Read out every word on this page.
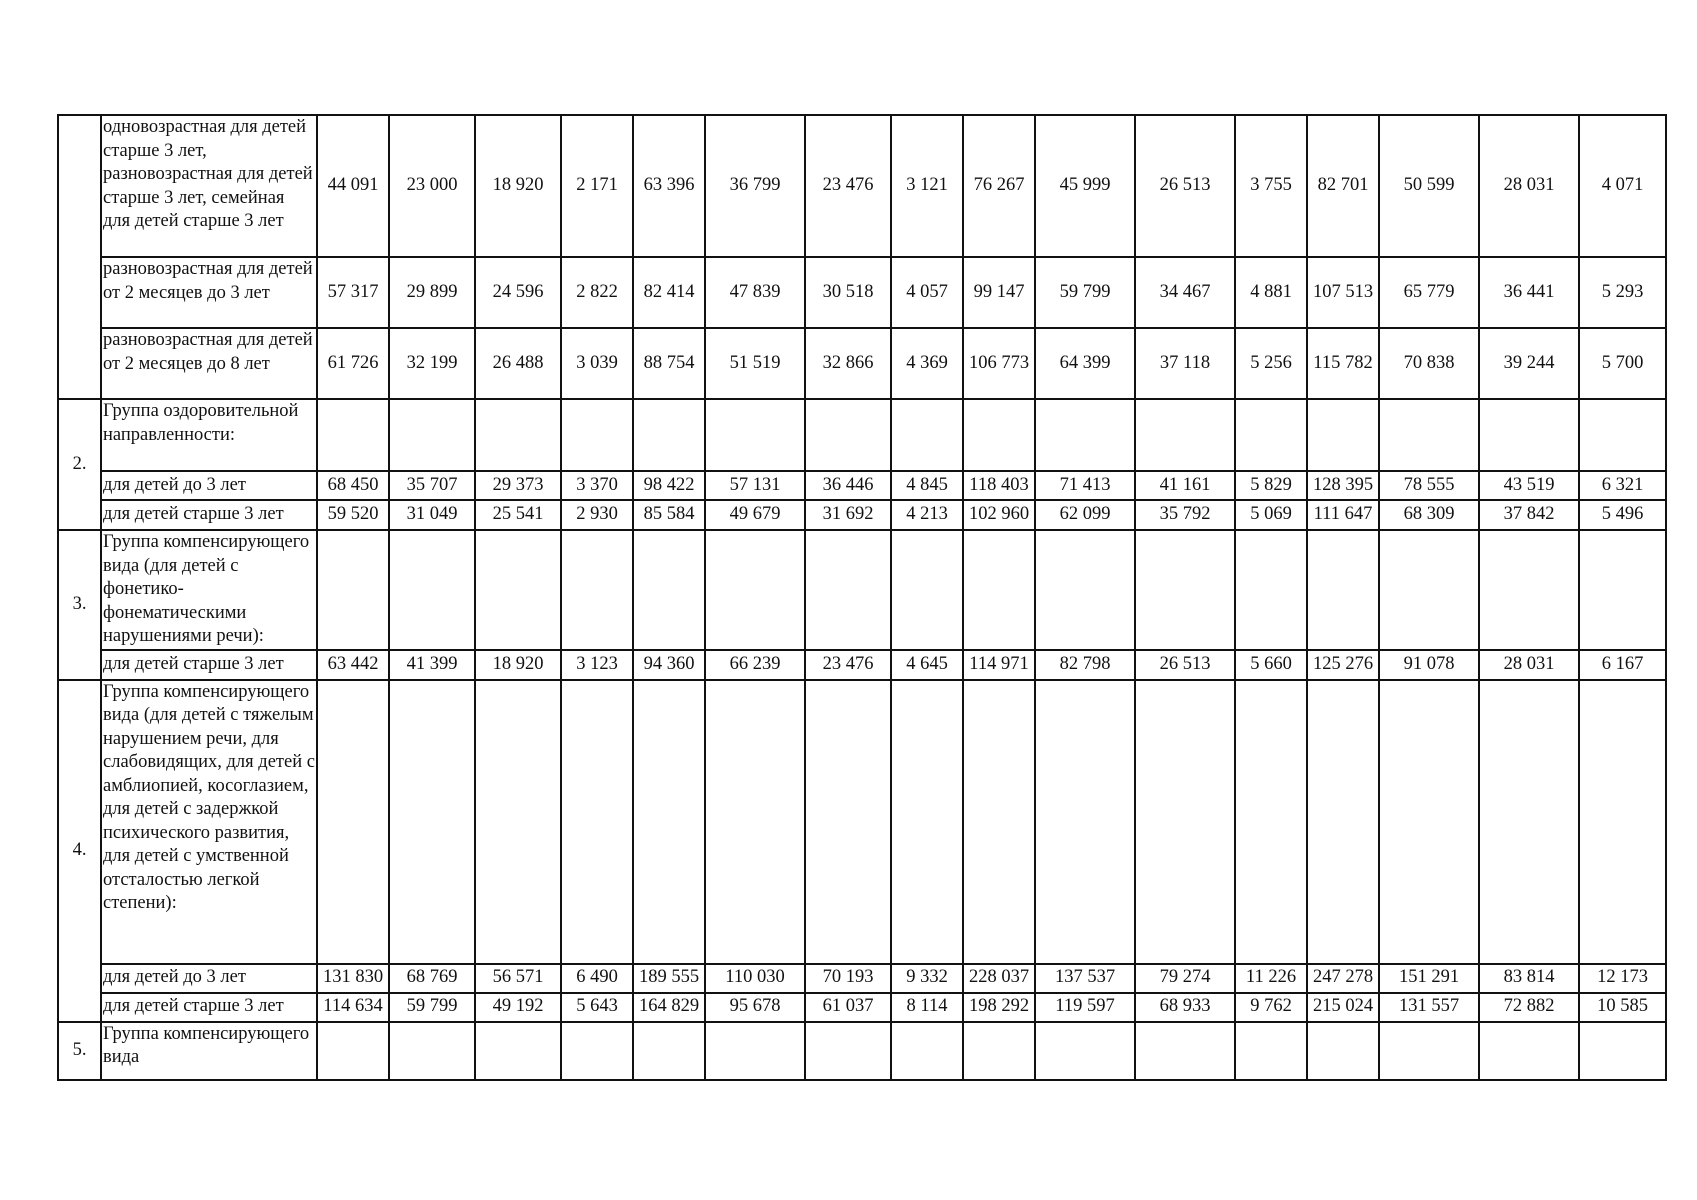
	одновозрастная для детей старше 3 лет, разновозрастная для детей старше 3 лет, семейная для детей старше 3 лет	44 091	23 000	18 920	2 171	63 396	36 799	23 476	3 121	76 267	45 999	26 513	3 755	82 701	50 599	28 031	4 071
	разновозрастная для детей от 2 месяцев до 3 лет	57 317	29 899	24 596	2 822	82 414	47 839	30 518	4 057	99 147	59 799	34 467	4 881	107 513	65 779	36 441	5 293
	разновозрастная для детей от 2 месяцев до 8 лет	61 726	32 199	26 488	3 039	88 754	51 519	32 866	4 369	106 773	64 399	37 118	5 256	115 782	70 838	39 244	5 700
2.	Группа оздоровительной направленности:																
	для детей до 3 лет	68 450	35 707	29 373	3 370	98 422	57 131	36 446	4 845	118 403	71 413	41 161	5 829	128 395	78 555	43 519	6 321
	для детей старше 3 лет	59 520	31 049	25 541	2 930	85 584	49 679	31 692	4 213	102 960	62 099	35 792	5 069	111 647	68 309	37 842	5 496
3.	Группа компенсирующего вида (для детей с фонетико-фонематическими нарушениями речи):																
	для детей старше 3 лет	63 442	41 399	18 920	3 123	94 360	66 239	23 476	4 645	114 971	82 798	26 513	5 660	125 276	91 078	28 031	6 167
4.	Группа компенсирующего вида (для детей с тяжелым нарушением речи, для слабовидящих, для детей с амблиопией, косоглазием, для детей с задержкой психического развития, для детей с умственной отсталостью легкой степени):																
	для детей до 3 лет	131 830	68 769	56 571	6 490	189 555	110 030	70 193	9 332	228 037	137 537	79 274	11 226	247 278	151 291	83 814	12 173
	для детей старше 3 лет	114 634	59 799	49 192	5 643	164 829	95 678	61 037	8 114	198 292	119 597	68 933	9 762	215 024	131 557	72 882	10 585
5.	Группа компенсирующего вида																
